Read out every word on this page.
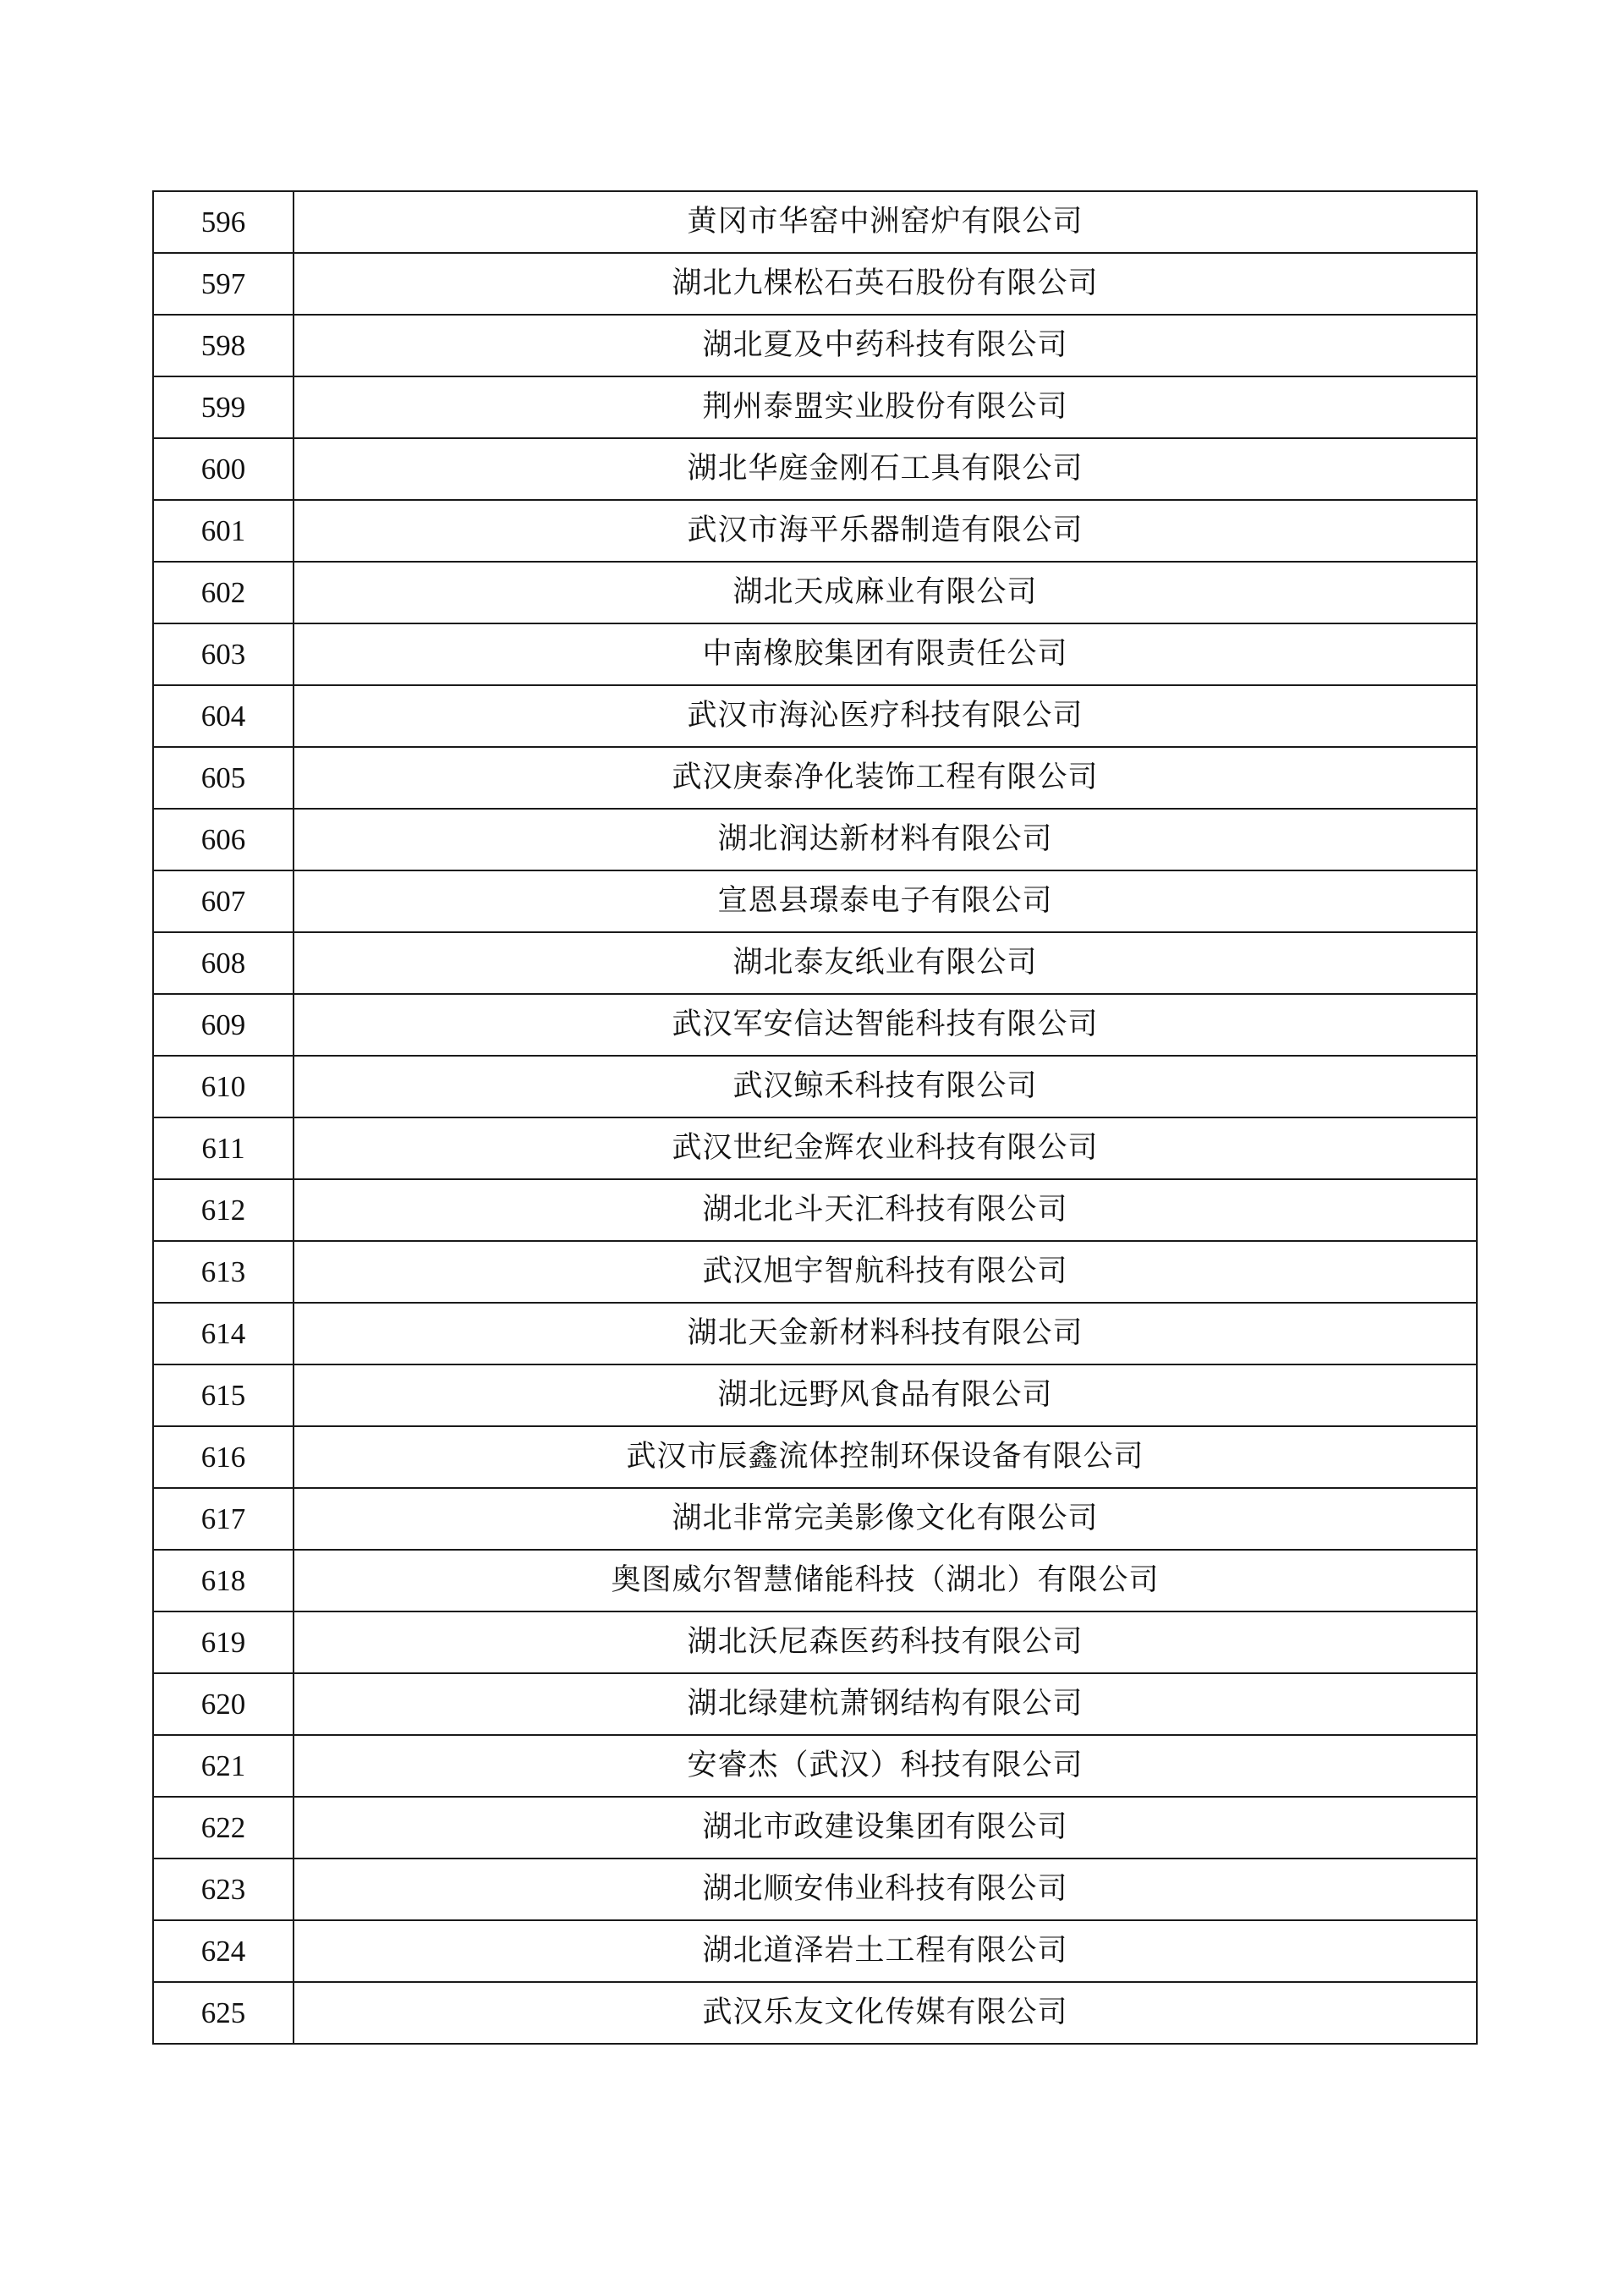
596	黄冈市华窑中洲窑炉有限公司
597	湖北九棵松石英石股份有限公司
598	湖北夏及中药科技有限公司
599	荆州泰盟实业股份有限公司
600	湖北华庭金刚石工具有限公司
601	武汉市海平乐器制造有限公司
602	湖北天成麻业有限公司
603	中南橡胶集团有限责任公司
604	武汉市海沁医疗科技有限公司
605	武汉庚泰净化装饰工程有限公司
606	湖北润达新材料有限公司
607	宣恩县璟泰电子有限公司
608	湖北泰友纸业有限公司
609	武汉军安信达智能科技有限公司
610	武汉鲸禾科技有限公司
611	武汉世纪金辉农业科技有限公司
612	湖北北斗天汇科技有限公司
613	武汉旭宇智航科技有限公司
614	湖北天金新材料科技有限公司
615	湖北远野风食品有限公司
616	武汉市辰鑫流体控制环保设备有限公司
617	湖北非常完美影像文化有限公司
618	奥图威尔智慧储能科技（湖北）有限公司
619	湖北沃尼森医药科技有限公司
620	湖北绿建杭萧钢结构有限公司
621	安睿杰（武汉）科技有限公司
622	湖北市政建设集团有限公司
623	湖北顺安伟业科技有限公司
624	湖北道泽岩土工程有限公司
625	武汉乐友文化传媒有限公司
